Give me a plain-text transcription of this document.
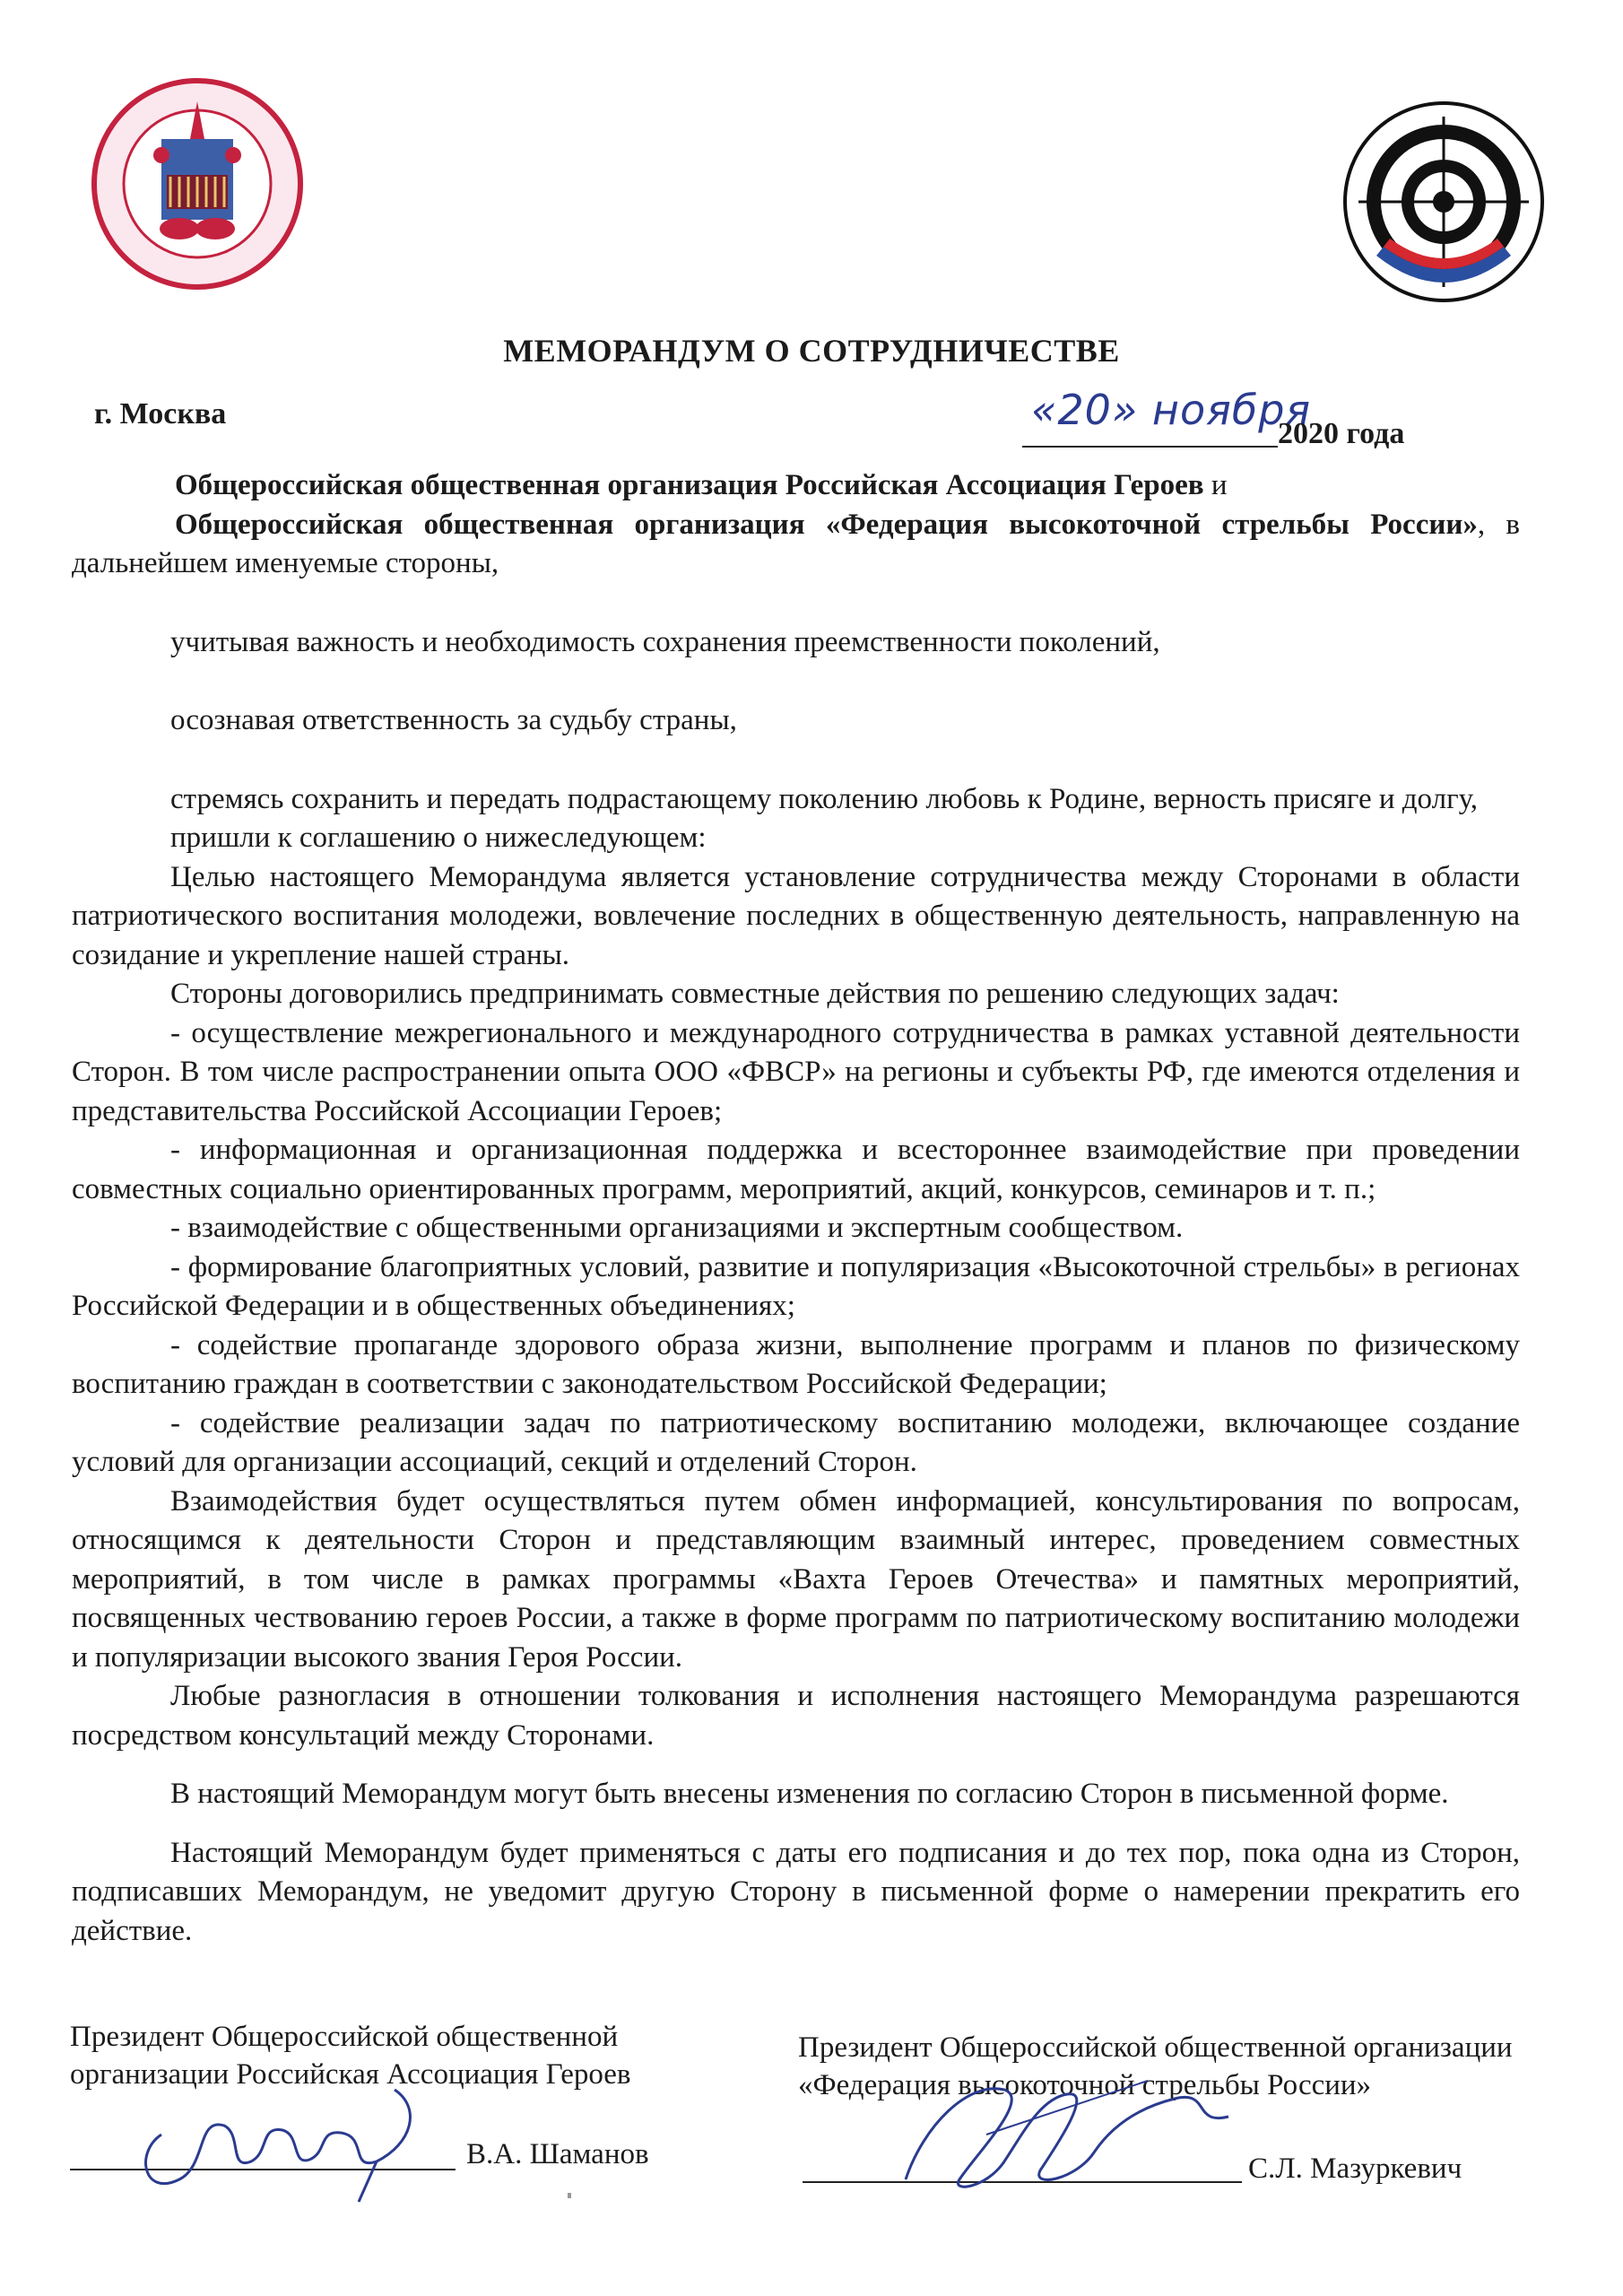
МЕМОРАНДУМ О СОТРУДНИЧЕСТВЕ
г. Москва	«20» ноября
2020 года

Общероссийская общественная организация Российская Ассоциация Героев и

Общероссийская общественная организация «Федерация высокоточной стрельбы России», в дальнейшем именуемые стороны,

учитывая важность и необходимость сохранения преемственности поколений,

осознавая ответственность за судьбу страны,

стремясь сохранить и передать подрастающему поколению любовь к Родине, верность присяге и долгу,

пришли к соглашению о нижеследующем:

Целью настоящего Меморандума является установление сотрудничества между Сторонами в области патриотического воспитания молодежи, вовлечение последних в общественную деятельность, направленную на созидание и укрепление нашей страны.

Стороны договорились предпринимать совместные действия по решению следующих задач:

- осуществление межрегионального и международного сотрудничества в рамках уставной деятельности Сторон. В том числе распространении опыта ООО «ФВСР» на регионы и субъекты РФ, где имеются отделения и представительства Российской Ассоциации Героев;

- информационная и организационная поддержка и всестороннее взаимодействие при проведении совместных социально ориентированных программ, мероприятий, акций, конкурсов, семинаров и т. п.;

- взаимодействие с общественными организациями и экспертным сообществом.

- формирование благоприятных условий, развитие и популяризация «Высокоточной стрельбы» в регионах Российской Федерации и в общественных объединениях;

- содействие пропаганде здорового образа жизни, выполнение программ и планов по физическому воспитанию граждан в соответствии с законодательством Российской Федерации;

- содействие реализации задач по патриотическому воспитанию молодежи, включающее создание условий для организации ассоциаций, секций и отделений Сторон.

Взаимодействия будет осуществляться путем обмен информацией, консультирования по вопросам, относящимся к деятельности Сторон и представляющим взаимный интерес, проведением совместных мероприятий, в том числе в рамках программы «Вахта Героев Отечества» и памятных мероприятий, посвященных чествованию героев России, а также в форме программ по патриотическому воспитанию молодежи и популяризации высокого звания Героя России.

Любые разногласия в отношении толкования и исполнения настоящего Меморандума разрешаются посредством консультаций между Сторонами.

В настоящий Меморандум могут быть внесены изменения по согласию Сторон в письменной форме.

Настоящий Меморандум будет применяться с даты его подписания и до тех пор, пока одна из Сторон, подписавших Меморандум, не уведомит другую Сторону в письменной форме о намерении прекратить его действие.

Президент Общероссийской общественной организации Российская Ассоциация Героев
В.А. Шаманов
Президент Общероссийской общественной организации «Федерация высокоточной стрельбы России»
С.Л. Мазуркевич
